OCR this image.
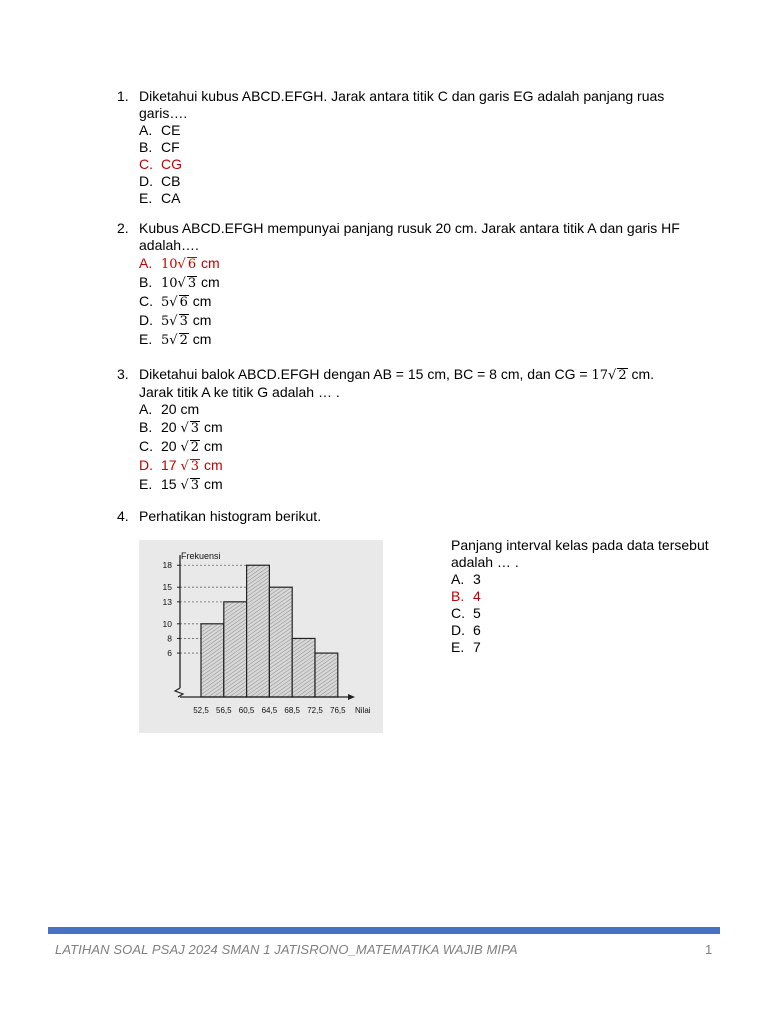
1. Diketahui kubus ABCD.EFGH. Jarak antara titik C dan garis EG adalah panjang ruas garis….
A. CE
B. CF
C. CG
D. CB
E. CA
2. Kubus ABCD.EFGH mempunyai panjang rusuk 20 cm. Jarak antara titik A dan garis HF adalah….
A. 10√ 6 cm
B. 10√ 3 cm
C. 5√ 6 cm
D. 5√ 3 cm
E. 5√ 2 cm
3. Diketahui balok ABCD.EFGH dengan AB = 15 cm, BC = 8 cm, dan CG = 17√ 2 cm.
Jarak titik A ke titik G adalah … .
A. 20 cm
B. 20 √ 3 cm
C. 20 √ 2 cm
D. 17 √ 3 cm
E. 15 √ 3 cm
4. Perhatikan histogram berikut.
Frekuensi
Nilai
6
8
10
13
15
18
52,5 56,5 60,5 64,5 68,5 72,5 76,5
Panjang interval kelas pada data tersebut adalah … .
A. 3
B. 4
C. 5
D. 6
E. 7
LATIHAN SOAL PSAJ 2024 SMAN 1 JATISRONO_MATEMATIKA WAJIB MIPA	1
